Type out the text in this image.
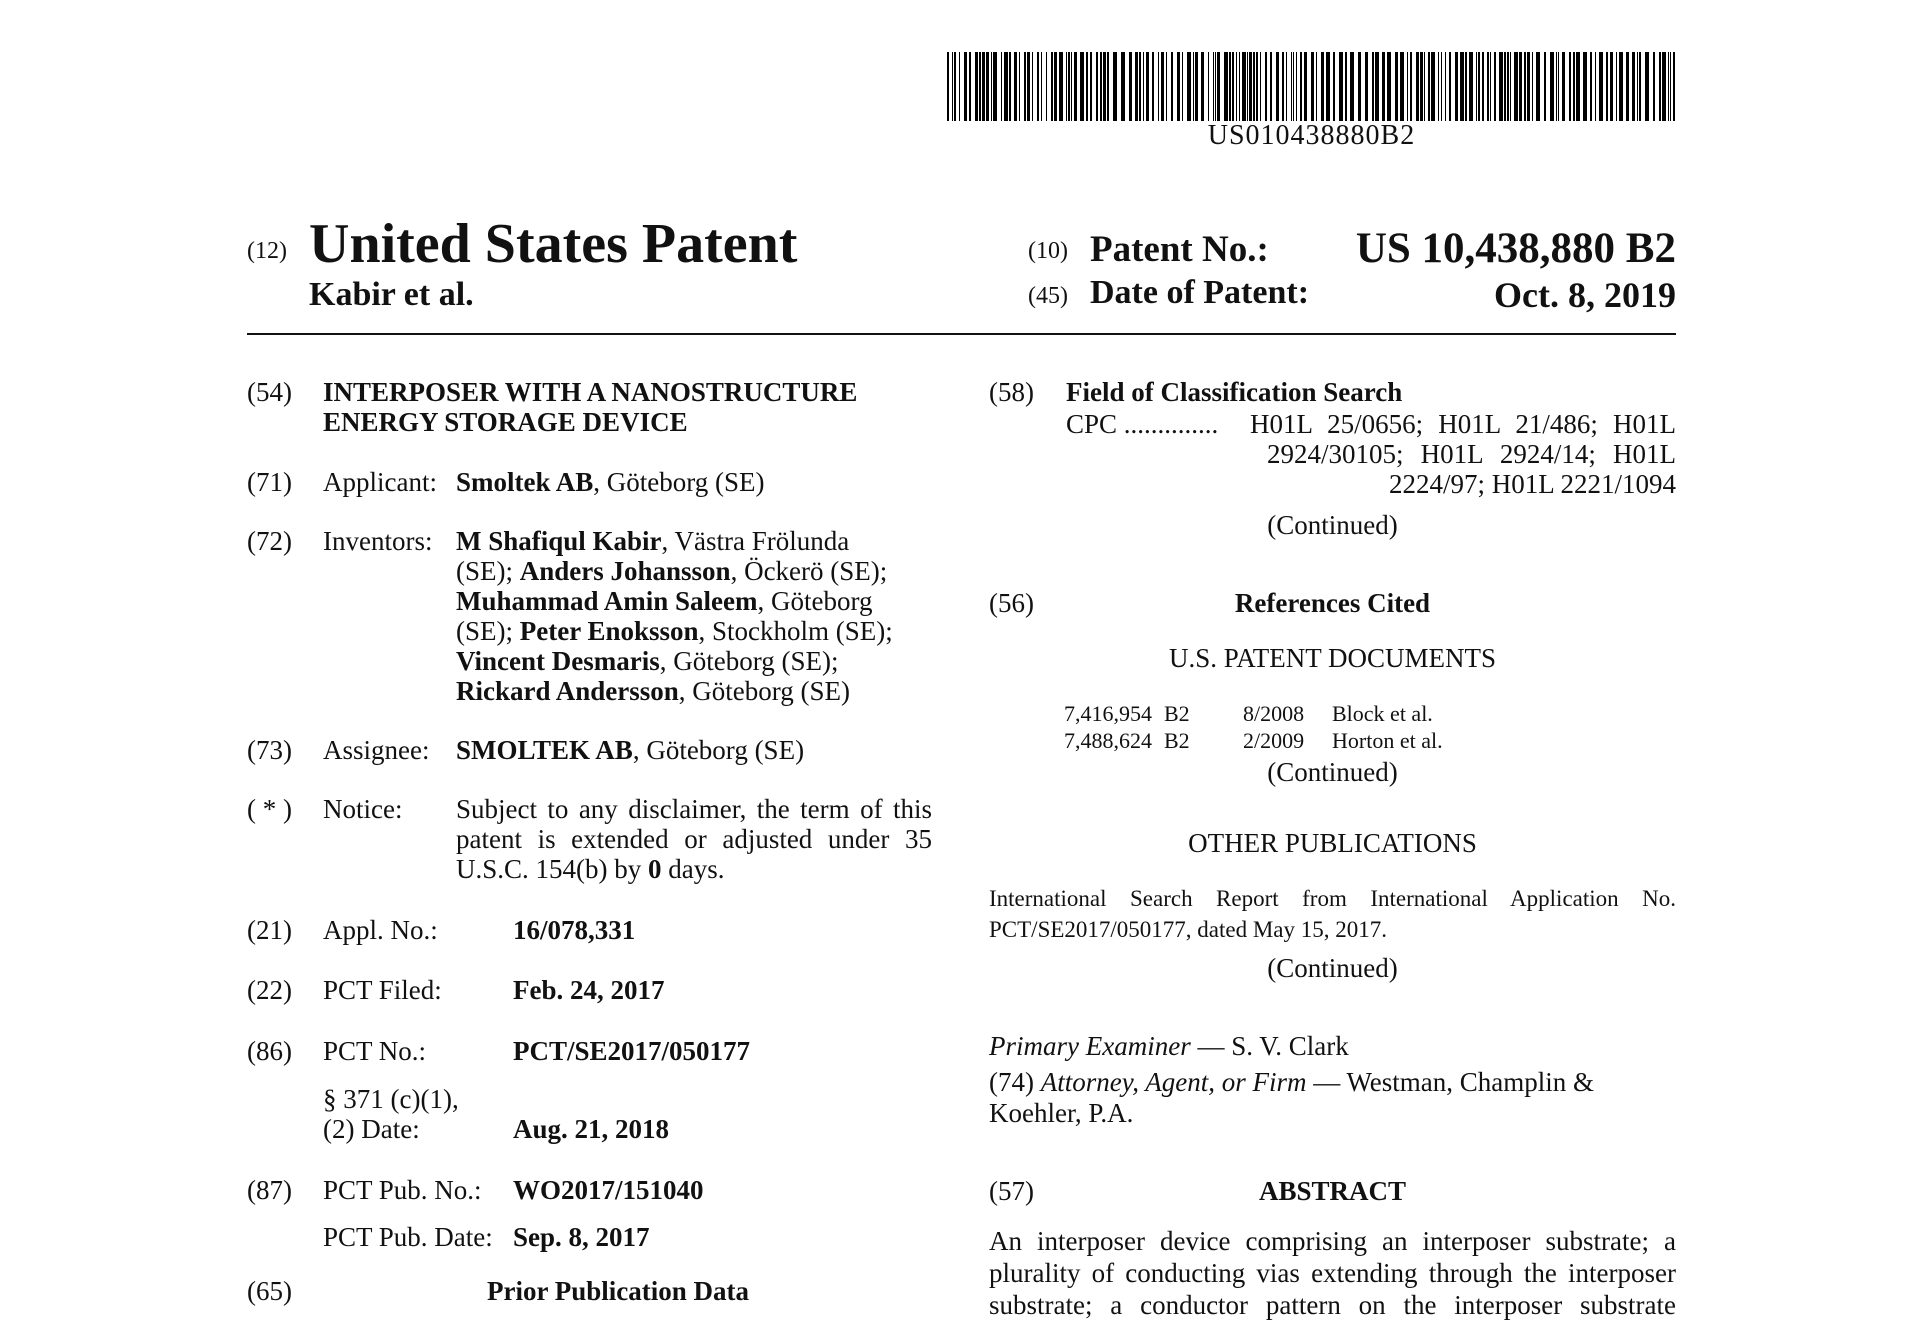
US010438880B2
(12) United States Patent
Kabir et al.
(10) Patent No.:	US 10,438,880 B2
(45) Date of Patent:	Oct. 8, 2019
(54) INTERPOSER WITH A NANOSTRUCTURE
ENERGY STORAGE DEVICE
(71) Applicant: Smoltek AB, Göteborg (SE)
(72) Inventors: M Shafiqul Kabir, Västra Frölunda
(SE); Anders Johansson, Öckerö (SE);
Muhammad Amin Saleem, Göteborg
(SE); Peter Enoksson, Stockholm (SE);
Vincent Desmaris, Göteborg (SE);
Rickard Andersson, Göteborg (SE)
(73) Assignee: SMOLTEK AB, Göteborg (SE)
( * ) Notice: Subject to any disclaimer, the term of this
patent is extended or adjusted under 35
U.S.C. 154(b) by 0 days.
(21) Appl. No.:	16/078,331
(22) PCT Filed:	Feb. 24, 2017
(86) PCT No.:	PCT/SE2017/050177
§ 371 (c)(1),
(2) Date:	Aug. 21, 2018
(87) PCT Pub. No.: WO2017/151040
PCT Pub. Date: Sep. 8, 2017
(65)	Prior Publication Data
(58) Field of Classification Search
CPC .............. H01L 25/0656; H01L 21/486; H01L
2924/30105; H01L 2924/14; H01L
2224/97; H01L 2221/1094
(Continued)
(56)	References Cited
U.S. PATENT DOCUMENTS
7,416,954 B2 8/2008 Block et al.
7,488,624 B2 2/2009 Horton et al.
(Continued)
OTHER PUBLICATIONS
International Search Report from International Application No.
PCT/SE2017/050177, dated May 15, 2017.
(Continued)
Primary Examiner — S. V. Clark
(74) Attorney, Agent, or Firm — Westman, Champlin &
Koehler, P.A.
(57)	ABSTRACT
An interposer device comprising an interposer substrate; a
plurality of conducting vias extending through the interposer
substrate; a conductor pattern on the interposer substrate
